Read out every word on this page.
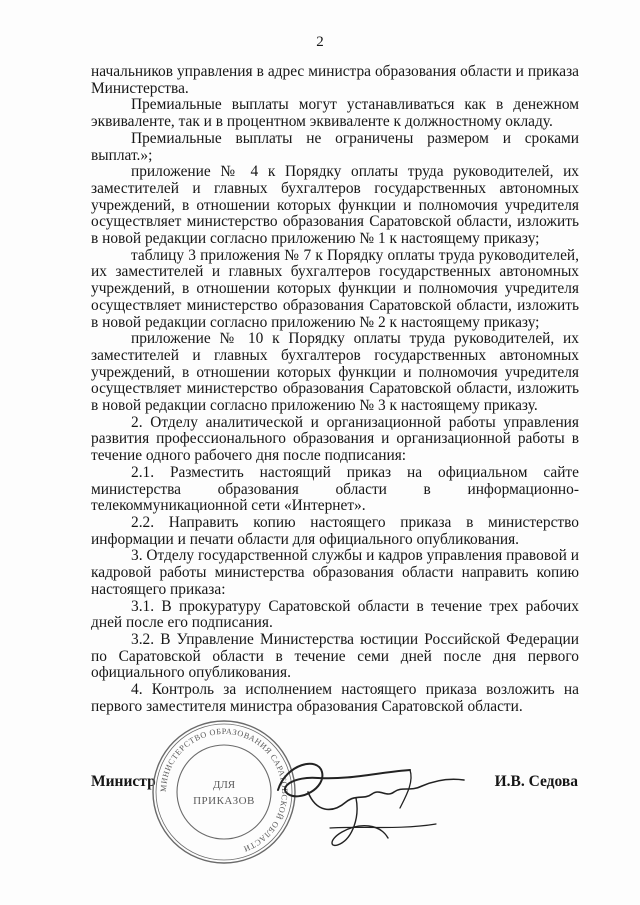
2

начальников управления в адрес министра образования области и приказа Министерства.

Премиальные выплаты могут устанавливаться как в денежном эквиваленте, так и в процентном эквиваленте к должностному окладу.

Премиальные выплаты не ограничены размером и сроками выплат.»;

приложение № 4 к Порядку оплаты труда руководителей, их заместителей и главных бухгалтеров государственных автономных учреждений, в отношении которых функции и полномочия учредителя осуществляет министерство образования Саратовской области, изложить в новой редакции согласно приложению № 1 к настоящему приказу;

таблицу 3 приложения № 7 к Порядку оплаты труда руководителей, их заместителей и главных бухгалтеров государственных автономных учреждений, в отношении которых функции и полномочия учредителя осуществляет министерство образования Саратовской области, изложить в новой редакции согласно приложению № 2 к настоящему приказу;

приложение № 10 к Порядку оплаты труда руководителей, их заместителей и главных бухгалтеров государственных автономных учреждений, в отношении которых функции и полномочия учредителя осуществляет министерство образования Саратовской области, изложить в новой редакции согласно приложению № 3 к настоящему приказу.

2. Отделу аналитической и организационной работы управления развития профессионального образования и организационной работы в течение одного рабочего дня после подписания:

2.1. Разместить настоящий приказ на официальном сайте министерства образования области в информационно-телекоммуникационной сети «Интернет».

2.2. Направить копию настоящего приказа в министерство информации и печати области для официального опубликования.

3. Отделу государственной службы и кадров управления правовой и кадровой работы министерства образования области направить копию настоящего приказа:

3.1. В прокуратуру Саратовской области в течение трех рабочих дней после его подписания.

3.2. В Управление Министерства юстиции Российской Федерации по Саратовской области в течение семи дней после дня первого официального опубликования.

4. Контроль за исполнением настоящего приказа возложить на первого заместителя министра образования Саратовской области.

Министр МИНИСТЕРСТВО ОБРАЗОВАНИЯ САРАТОВСКОЙ ОБЛАСТИ
ДЛЯ
ПРИКАЗОВ
И.В. Седова
